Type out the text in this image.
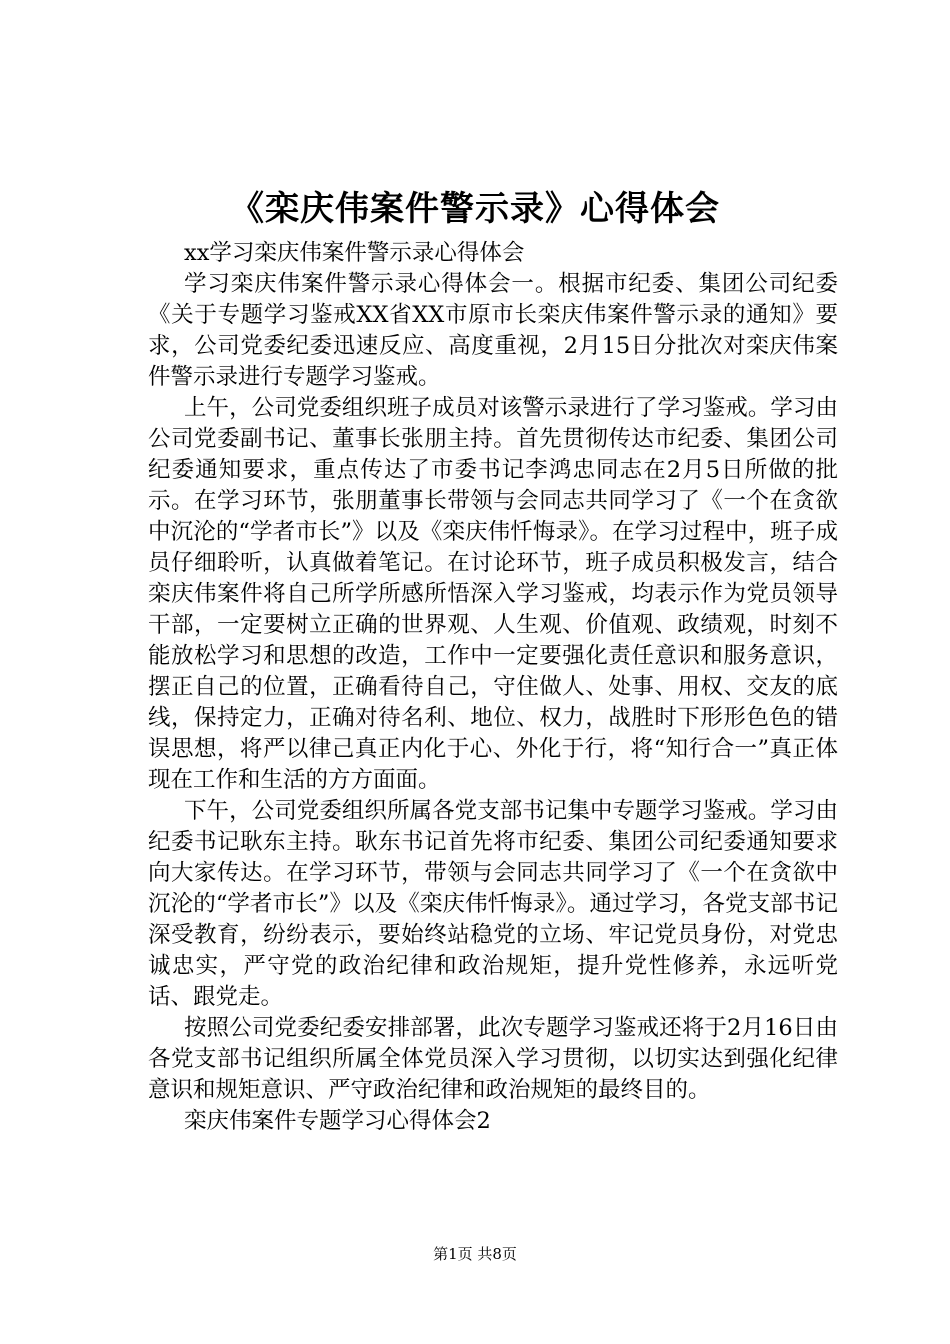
《栾庆伟案件警示录》心得体会

xx学习栾庆伟案件警示录心得体会

学习栾庆伟案件警示录心得体会一。根据市纪委、集团公司纪委《关于专题学习鉴戒XX省XX市原市长栾庆伟案件警示录的通知》要求，公司党委纪委迅速反应、高度重视，2月15日分批次对栾庆伟案件警示录进行专题学习鉴戒。

上午，公司党委组织班子成员对该警示录进行了学习鉴戒。学习由公司党委副书记、董事长张朋主持。首先贯彻传达市纪委、集团公司纪委通知要求，重点传达了市委书记李鸿忠同志在2月5日所做的批示。在学习环节，张朋董事长带领与会同志共同学习了《一个在贪欲中沉沦的“学者市长”》以及《栾庆伟忏悔录》。在学习过程中，班子成员仔细聆听，认真做着笔记。在讨论环节，班子成员积极发言，结合栾庆伟案件将自己所学所感所悟深入学习鉴戒，均表示作为党员领导干部，一定要树立正确的世界观、人生观、价值观、政绩观，时刻不能放松学习和思想的改造，工作中一定要强化责任意识和服务意识，摆正自己的位置，正确看待自己，守住做人、处事、用权、交友的底线，保持定力，正确对待名利、地位、权力，战胜时下形形色色的错误思想，将严以律己真正内化于心、外化于行，将“知行合一”真正体现在工作和生活的方方面面。

下午，公司党委组织所属各党支部书记集中专题学习鉴戒。学习由纪委书记耿东主持。耿东书记首先将市纪委、集团公司纪委通知要求向大家传达。在学习环节，带领与会同志共同学习了《一个在贪欲中沉沦的“学者市长”》以及《栾庆伟忏悔录》。通过学习，各党支部书记深受教育，纷纷表示，要始终站稳党的立场、牢记党员身份，对党忠诚忠实，严守党的政治纪律和政治规矩，提升党性修养，永远听党话、跟党走。

按照公司党委纪委安排部署，此次专题学习鉴戒还将于2月16日由各党支部书记组织所属全体党员深入学习贯彻，以切实达到强化纪律意识和规矩意识、严守政治纪律和政治规矩的最终目的。

栾庆伟案件专题学习心得体会2

第1页 共8页
